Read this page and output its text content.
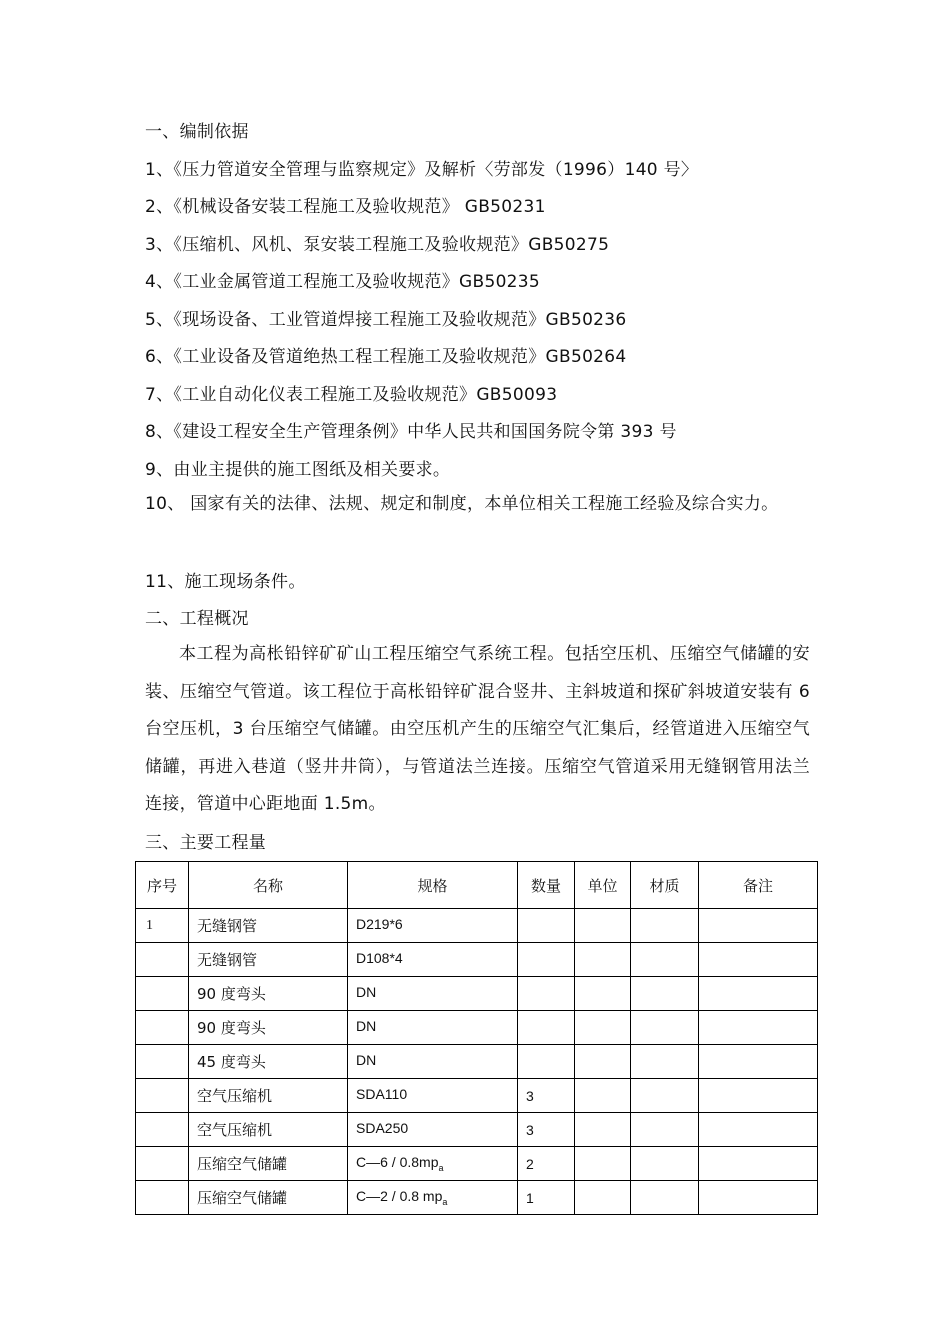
一、编制依据
1、《压力管道安全管理与监察规定》及解析〈劳部发（1996）140 号〉
2、《机械设备安装工程施工及验收规范》 GB50231
3、《压缩机、风机、泵安装工程施工及验收规范》GB50275
4、《工业金属管道工程施工及验收规范》GB50235
5、《现场设备、工业管道焊接工程施工及验收规范》GB50236
6、《工业设备及管道绝热工程工程施工及验收规范》GB50264
7、《工业自动化仪表工程施工及验收规范》GB50093
8、《建设工程安全生产管理条例》中华人民共和国国务院令第 393 号
9、由业主提供的施工图纸及相关要求。
10、 国家有关的法律、法规、规定和制度，本单位相关工程施工经验及综合实力。
11、施工现场条件。
二、工程概况
本工程为高枨铅锌矿矿山工程压缩空气系统工程。包括空压机、压缩空气储罐的安装、压缩空气管道。该工程位于高枨铅锌矿混合竖井、主斜坡道和探矿斜坡道安装有 6 台空压机，3 台压缩空气储罐。由空压机产生的压缩空气汇集后，经管道进入压缩空气储罐，再进入巷道（竖井井筒），与管道法兰连接。压缩空气管道采用无缝钢管用法兰连接，管道中心距地面 1.5m。
三、主要工程量
序号	名称	规格	数量	单位	材质	备注
1	无缝钢管	D219*6				
	无缝钢管	D108*4				
	90 度弯头	DN				
	90 度弯头	DN				
	45 度弯头	DN				
	空气压缩机	SDA110	3			
	空气压缩机	SDA250	3			
	压缩空气储罐	C—6 / $0.8mp_a$	2			
	压缩空气储罐	C—2 / 0.8 $mp_a$	1			
